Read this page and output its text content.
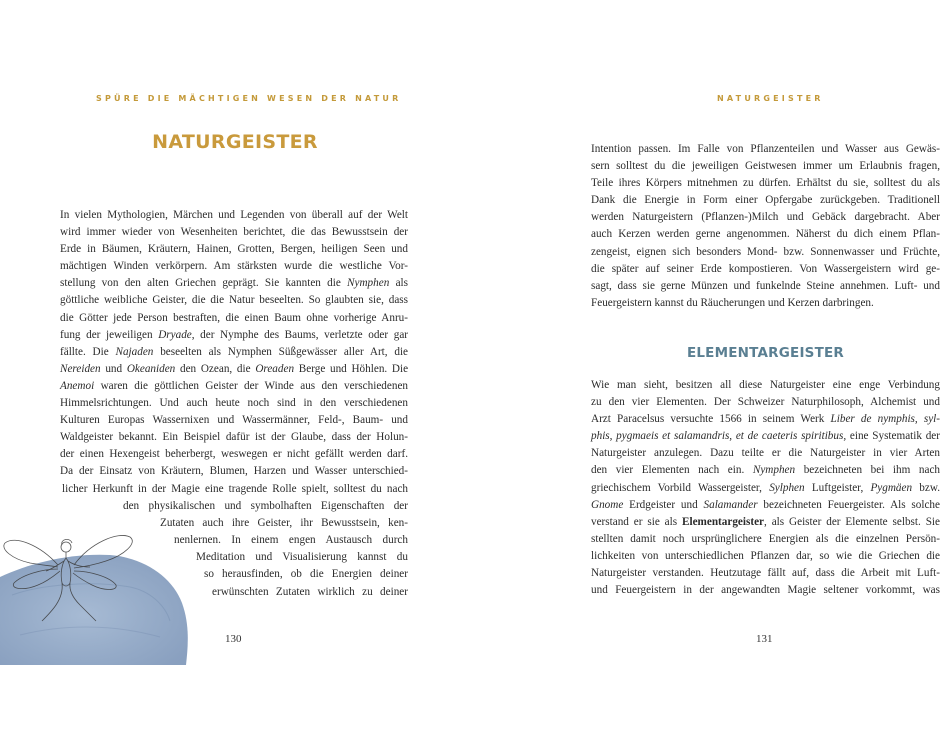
SPÜRE DIE MÄCHTIGEN WESEN DER NATUR
NATURGEISTER
In vielen Mythologien, Märchen und Legenden von überall auf der Welt
wird immer wieder von Wesenheiten berichtet, die das Bewusstsein der
Erde in Bäumen, Kräutern, Hainen, Grotten, Bergen, heiligen Seen und
mächtigen Winden verkörpern. Am stärksten wurde die westliche Vor-
stellung von den alten Griechen geprägt. Sie kannten die Nymphen als
göttliche weibliche Geister, die die Natur beseelten. So glaubten sie, dass
die Götter jede Person bestraften, die einen Baum ohne vorherige Anru-
fung der jeweiligen Dryade, der Nymphe des Baums, verletzte oder gar
fällte. Die Najaden beseelten als Nymphen Süßgewässer aller Art, die
Nereiden und Okeaniden den Ozean, die Oreaden Berge und Höhlen. Die
Anemoi waren die göttlichen Geister der Winde aus den verschiedenen
Himmelsrichtungen. Und auch heute noch sind in den verschiedenen
Kulturen Europas Wassernixen und Wassermänner, Feld-, Baum- und
Waldgeister bekannt. Ein Beispiel dafür ist der Glaube, dass der Holun-
der einen Hexengeist beherbergt, weswegen er nicht gefällt werden darf.
Da der Einsatz von Kräutern, Blumen, Harzen und Wasser unterschied-
licher Herkunft in der Magie eine tragende Rolle spielt, solltest du nach
den physikalischen und symbolhaften Eigenschaften der
Zutaten auch ihre Geister, ihr Bewusstsein, ken-
nenlernen. In einem engen Austausch durch
Meditation und Visualisierung kannst du
so herausfinden, ob die Energien deiner
erwünschten Zutaten wirklich zu deiner
130
NATURGEISTER
Intention passen. Im Falle von Pflanzenteilen und Wasser aus Gewäs-
sern solltest du die jeweiligen Geistwesen immer um Erlaubnis fragen,
Teile ihres Körpers mitnehmen zu dürfen. Erhältst du sie, solltest du als
Dank die Energie in Form einer Opfergabe zurückgeben. Traditionell
werden Naturgeistern (Pflanzen-)Milch und Gebäck dargebracht. Aber
auch Kerzen werden gerne angenommen. Näherst du dich einem Pflan-
zengeist, eignen sich besonders Mond- bzw. Sonnenwasser und Früchte,
die später auf seiner Erde kompostieren. Von Wassergeistern wird ge-
sagt, dass sie gerne Münzen und funkelnde Steine annehmen. Luft- und
Feuergeistern kannst du Räucherungen und Kerzen darbringen.
ELEMENTARGEISTER
Wie man sieht, besitzen all diese Naturgeister eine enge Verbindung
zu den vier Elementen. Der Schweizer Naturphilosoph, Alchemist und
Arzt Paracelsus versuchte 1566 in seinem Werk Liber de nymphis, syl-
phis, pygmaeis et salamandris, et de caeteris spiritibus, eine Systematik der
Naturgeister anzulegen. Dazu teilte er die Naturgeister in vier Arten
den vier Elementen nach ein. Nymphen bezeichneten bei ihm nach
griechischem Vorbild Wassergeister, Sylphen Luftgeister, Pygmäen bzw.
Gnome Erdgeister und Salamander bezeichneten Feuergeister. Als solche
verstand er sie als Elementargeister, als Geister der Elemente selbst. Sie
stellten damit noch ursprünglichere Energien als die einzelnen Persön-
lichkeiten von unterschiedlichen Pflanzen dar, so wie die Griechen die
Naturgeister verstanden. Heutzutage fällt auf, dass die Arbeit mit Luft-
und Feuergeistern in der angewandten Magie seltener vorkommt, was
131
